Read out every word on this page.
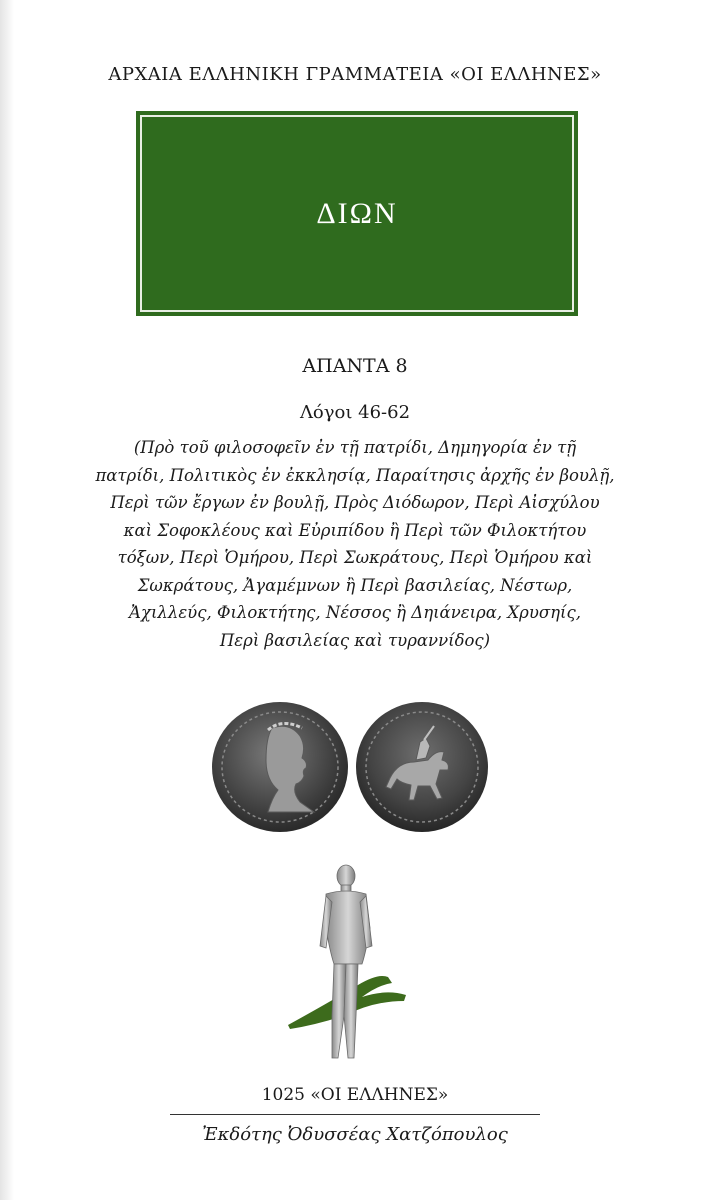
ΑΡΧΑΙΑ ΕΛΛΗΝΙΚΗ ΓΡΑΜΜΑΤΕΙΑ «ΟΙ ΕΛΛΗΝΕΣ»
ΔΙΩΝ
ΑΠΑΝΤΑ 8
Λόγοι 46-62
(Πρὸ τοῦ φιλοσοφεῖν ἐν τῇ πατρίδι, Δημηγορία ἐν τῇ
πατρίδι, Πολιτικὸς ἐν ἐκκλησίᾳ, Παραίτησις ἀρχῆς ἐν βουλῇ,
Περὶ τῶν ἔργων ἐν βουλῇ, Πρὸς Διόδωρον, Περὶ Αἰσχύλου
καὶ Σοφοκλέους καὶ Εὐριπίδου ἢ Περὶ τῶν Φιλοκτήτου
τόξων, Περὶ Ὁμήρου, Περὶ Σωκράτους, Περὶ Ὁμήρου καὶ
Σωκράτους, Ἀγαμέμνων ἢ Περὶ βασιλείας, Νέστωρ,
Ἀχιλλεύς, Φιλοκτήτης, Νέσσος ἢ Δηιάνειρα, Χρυσηίς,
Περὶ βασιλείας καὶ τυραννίδος)
1025 «ΟΙ ΕΛΛΗΝΕΣ»
Ἐκδότης Ὀδυσσέας Χατζόπουλος
